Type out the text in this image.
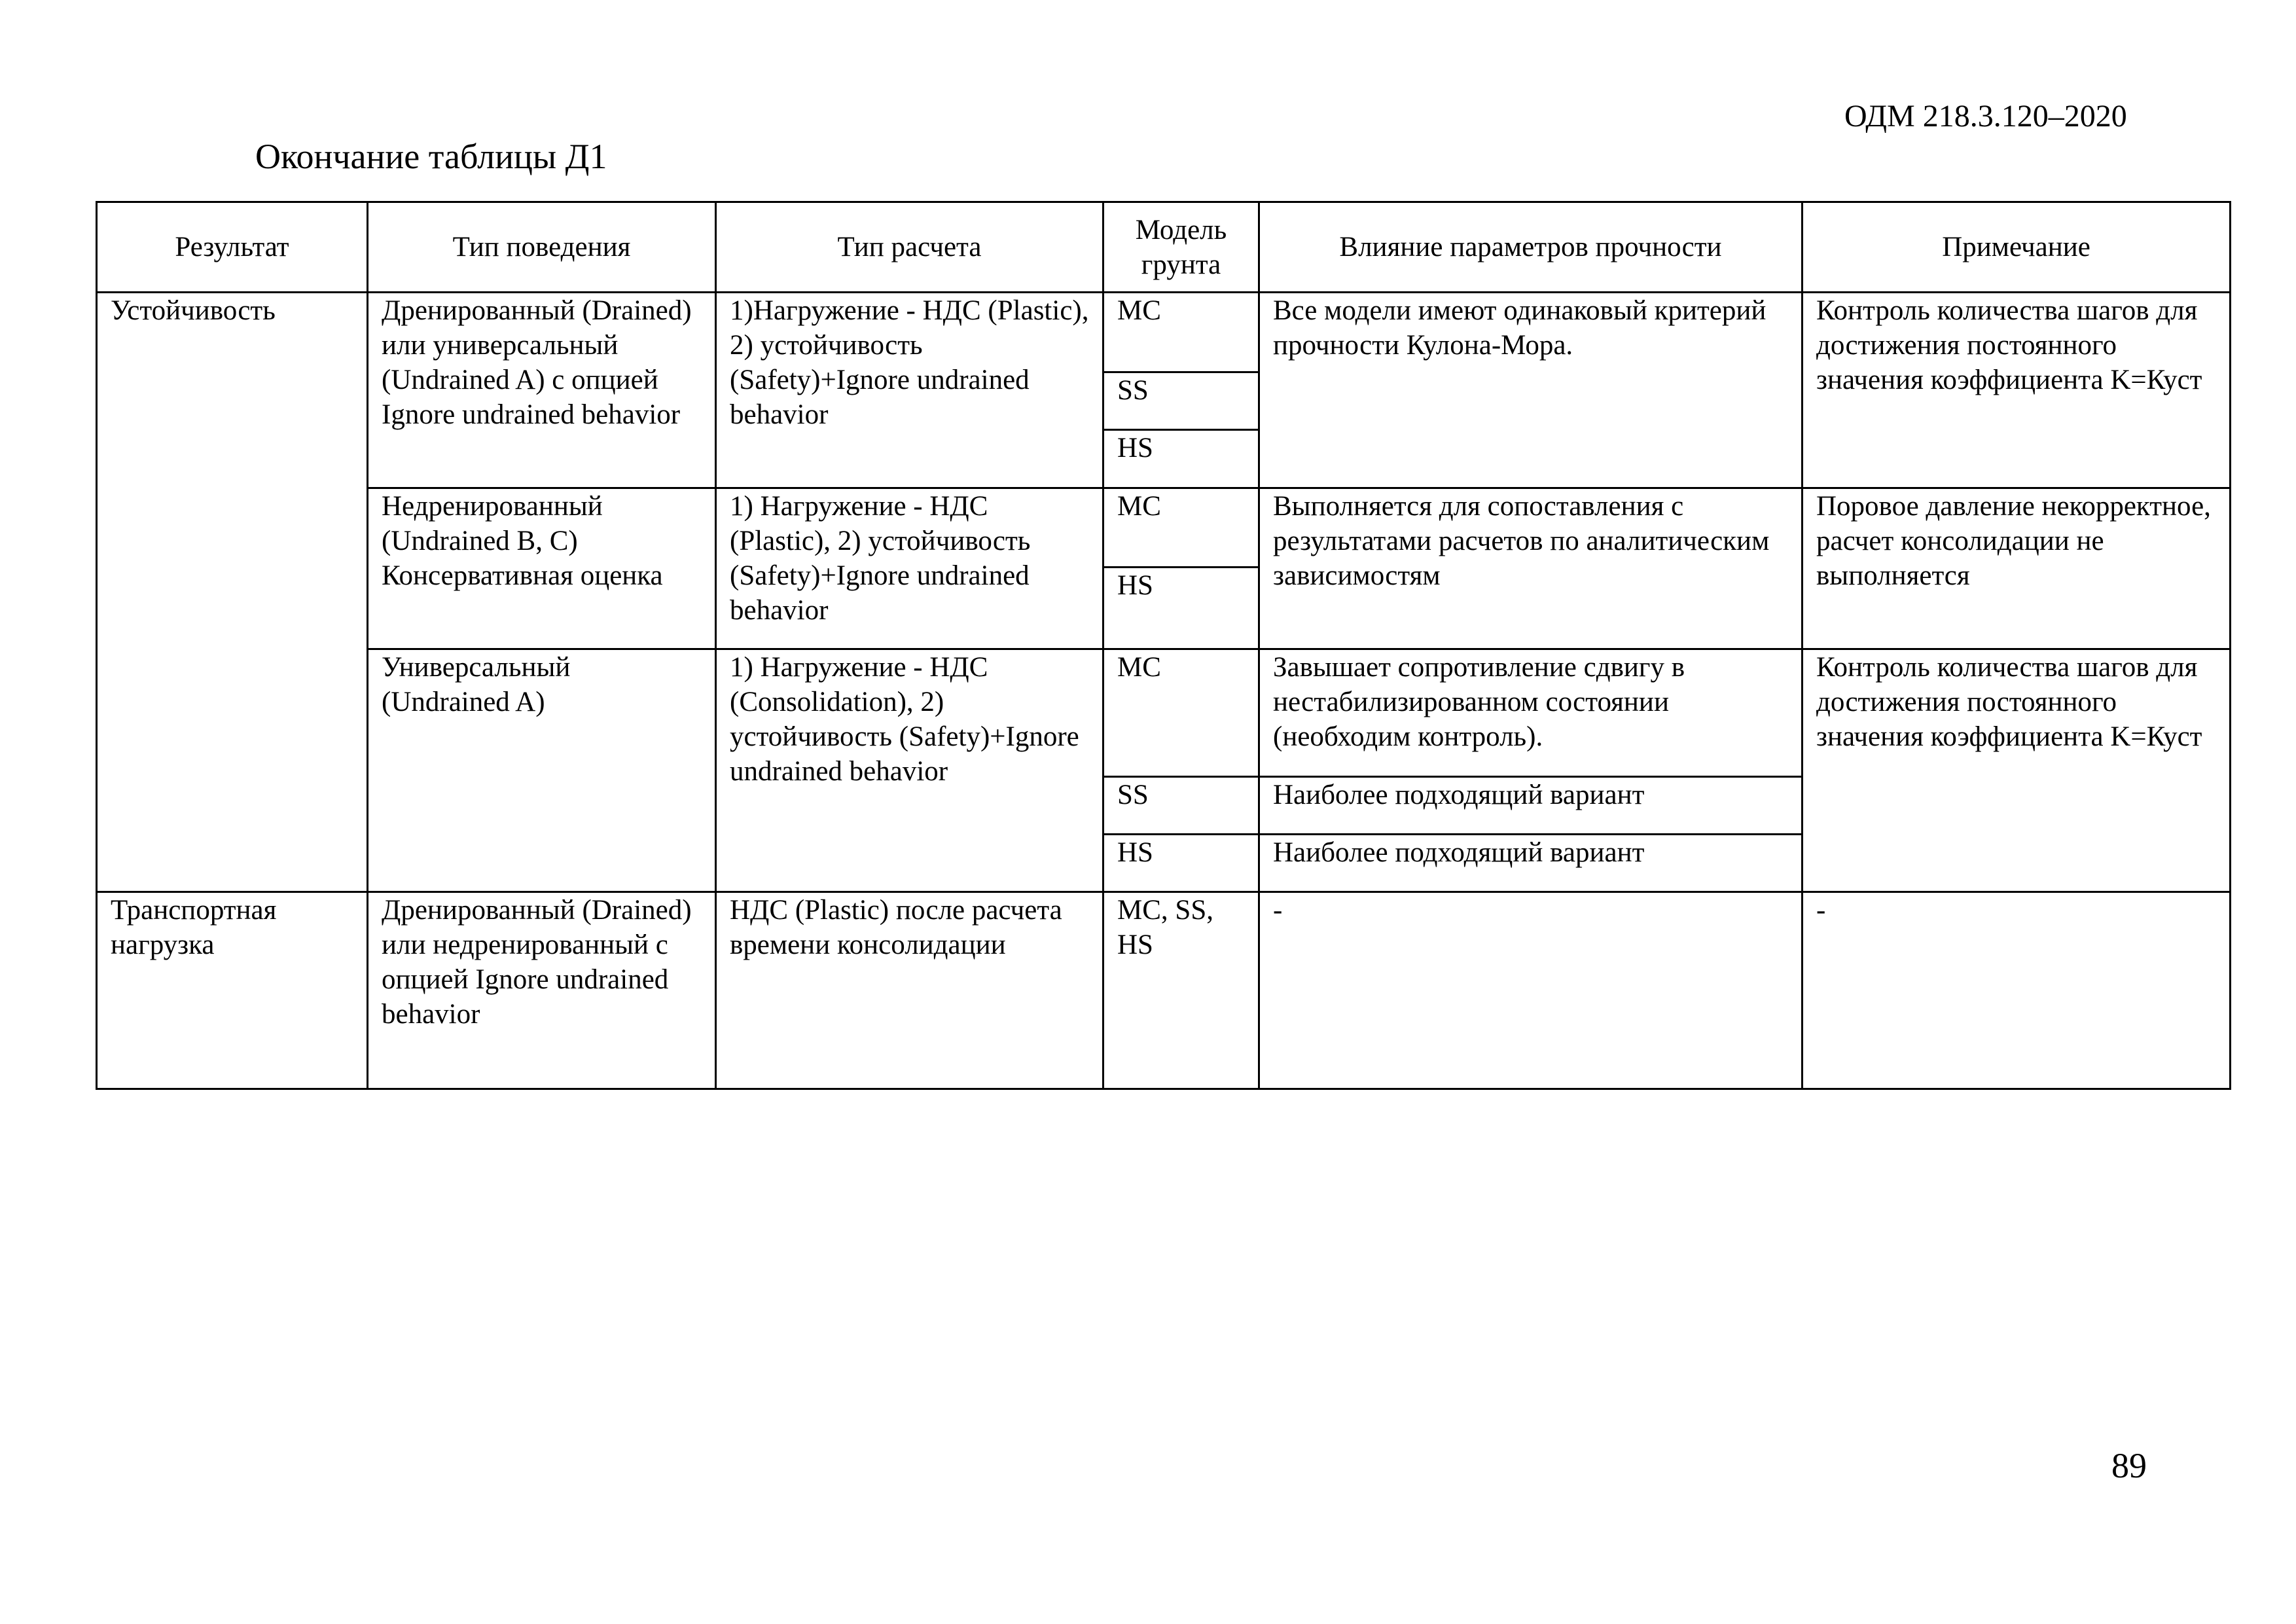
ОДМ 218.3.120–2020
Окончание таблицы Д1
Результат	Тип поведения	Тип расчета	Модель грунта	Влияние параметров прочности	Примечание
Устойчивость	Дренированный (Drained) или универсальный (Undrained A) с опцией Ignore undrained behavior	1)Нагружение - НДС (Plastic), 2) устойчивость (Safety)+Ignore undrained behavior	MC	Все модели имеют одинаковый критерий прочности Кулона-Мора.	Контроль количества шагов для достижения постоянного значения коэффициента K=Куст
			SS		
			HS		
	Недренированный (Undrained B, C) Консервативная оценка	1) Нагружение - НДС (Plastic), 2) устойчивость (Safety)+Ignore undrained behavior	MC	Выполняется для сопоставления с результатами расчетов по аналитическим зависимостям	Поровое давление некорректное, расчет консолидации не выполняется
			HS		
	Универсальный (Undrained A)	1) Нагружение - НДС (Consolidation), 2) устойчивость (Safety)+Ignore undrained behavior	MC	Завышает сопротивление сдвигу в нестабилизированном состоянии (необходим контроль).	Контроль количества шагов для достижения постоянного значения коэффициента K=Куст
			SS	Наиболее подходящий вариант	
			HS	Наиболее подходящий вариант	
Транспортная нагрузка	Дренированный (Drained) или недренированный с опцией Ignore undrained behavior	НДС (Plastic) после расчета времени консолидации	MC, SS, HS	-	-
89
